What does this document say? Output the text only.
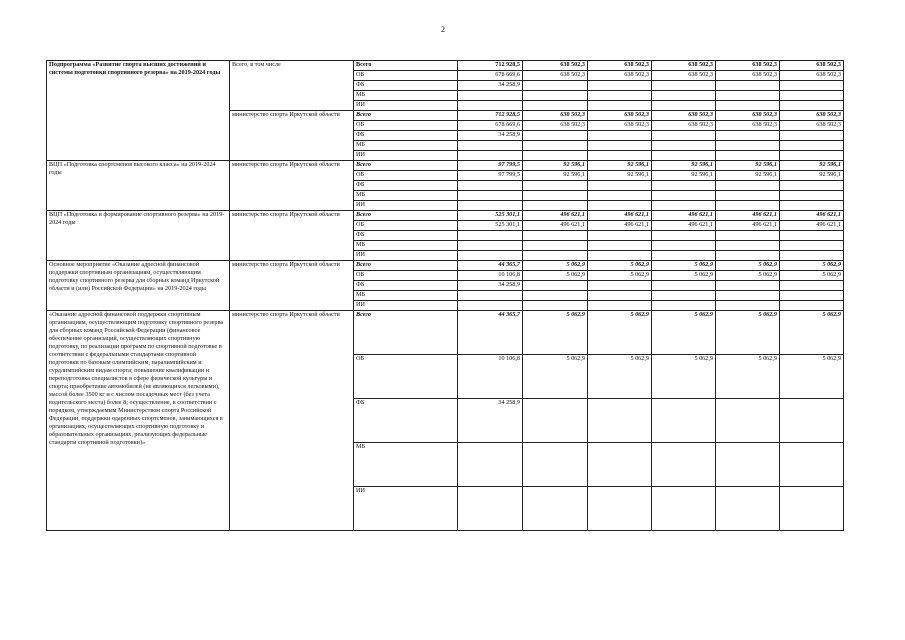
2
Подпрограмма «Развитие спорта высших достижений и системы подготовки спортивного резерва» на 2019-2024 годы	Всего, в том числе	Всего	712 928,5	638 502,3	638 502,3	638 502,3	638 502,3	638 502,3
		ОБ	678 669,6	638 502,3	638 502,3	638 502,3	638 502,3	638 502,3
		ФБ	34 258,9					
		МБ						
		ИИ						
	министерство спорта Иркутской области	Всего	712 928,5	638 502,3	638 502,3	638 502,3	638 502,3	638 502,3
		ОБ	678 669,6	638 502,3	638 502,3	638 502,3	638 502,3	638 502,3
		ФБ	34 258,9					
		МБ						
		ИИ						
ВЦП «Подготовка спортсменов высокого класса» на 2019-2024 годы	министерство спорта Иркутской области	Всего	97 799,5	92 596,1	92 596,1	92 596,1	92 596,1	92 596,1
		ОБ	97 799,5	92 596,1	92 596,1	92 596,1	92 596,1	92 596,1
		ФБ						
		МБ						
		ИИ						
ВЦП «Подготовка и формирование спортивного резерва» на 2019-2024 годы	министерство спорта Иркутской области	Всего	525 301,1	496 621,1	496 621,1	496 621,1	496 621,1	496 621,1
		ОБ	525 301,1	496 621,1	496 621,1	496 621,1	496 621,1	496 621,1
		ФБ						
		МБ						
		ИИ						
Основное мероприятие «Оказание адресной финансовой поддержки спортивным организациям, осуществляющим подготовку спортивного резерва для сборных команд Иркутской области и (или) Российской Федерации» на 2019-2024 годы	министерство спорта Иркутской области	Всего	44 365,7	5 062,9	5 062,9	5 062,9	5 062,9	5 062,9
		ОБ	10 106,8	5 062,9	5 062,9	5 062,9	5 062,9	5 062,9
		ФБ	34 258,9					
		МБ						
		ИИ						
«Оказание адресной финансовой поддержки спортивным организациям, осуществляющим подготовку спортивного резерва для сборных команд Российской Федерации (финансовое обеспечение организаций, осуществляющих спортивную подготовку, по реализации программ по спортивной подготовке в соответствии с федеральными стандартами спортивной подготовки по базовым олимпийским, паралимпийским и сурдлимпийским видам спорта; повышение квалификации и переподготовка специалистов в сфере физической культуры и спорта; приобретение автомобилей (не являющихся легковыми), массой более 3500 кг и с числом посадочных мест (без учета водительского места) более 8; осуществление, в соответствии с порядком, утверждаемым Министерством спорта Российской Федерации, поддержки одаренных спортсменов, занимающихся в организациях, осуществляющих спортивную подготовку и образовательных организациях, реализующих федеральные стандарты спортивной подготовки)»	министерство спорта Иркутской области	Всего	44 365,7	5 062,9	5 062,9	5 062,9	5 062,9	5 062,9
		ОБ	10 106,8	5 062,9	5 062,9	5 062,9	5 062,9	5 062,9
		ФБ	34 258,9					
		МБ						
		ИИ						
